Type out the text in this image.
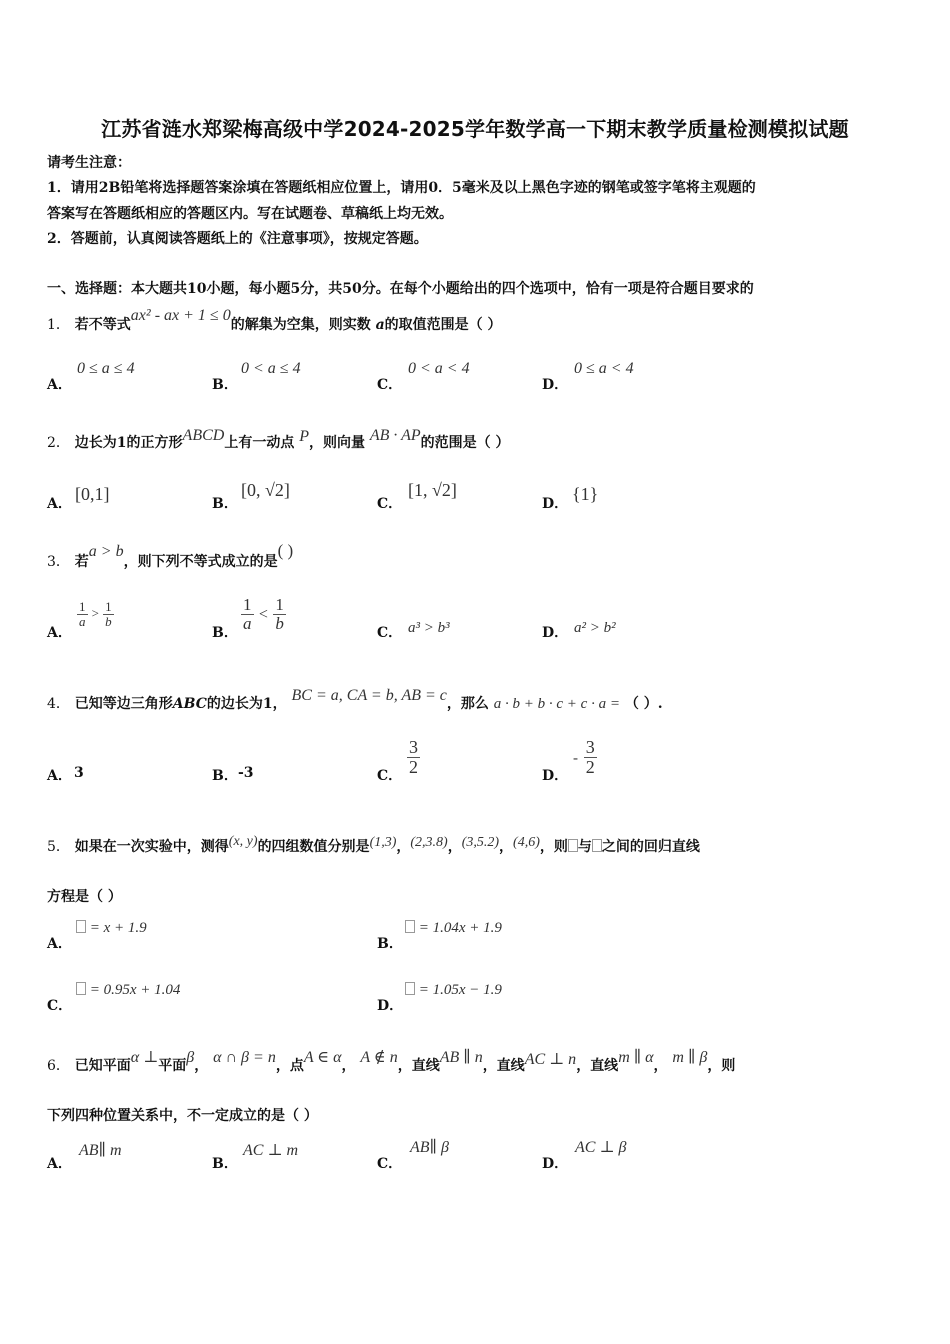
江苏省涟水郑梁梅高级中学2024-2025学年数学高一下期末教学质量检测模拟试题
请考生注意：
1．请用2B铅笔将选择题答案涂填在答题纸相应位置上，请用0．5毫米及以上黑色字迹的钢笔或签字笔将主观题的
答案写在答题纸相应的答题区内。写在试题卷、草稿纸上均无效。
2．答题前，认真阅读答题纸上的《注意事项》，按规定答题。
一、选择题：本大题共10小题，每小题5分，共50分。在每个小题给出的四个选项中，恰有一项是符合题目要求的
1． 若不等式ax² - ax + 1 ≤ 0的解集为空集，则实数 a的取值范围是（ ）
A．
0 ≤ a ≤ 4
B．
0 < a ≤ 4
C．
0 < a < 4
D．
0 ≤ a < 4
2． 边长为1的正方形ABCD上有一动点 P，则向量 AB · AP的范围是（ ）
A． [0,1]	B．
[0, √2]
C．
[1, √2]
D． {1}
3． 若a > b，则下列不等式成立的是( )
A．
$\frac{1}{a} > \frac{1}{b}$
B．
$\frac{1}{a} < \frac{1}{b}$
C． a³ > b³	D． a² > b²
4． 已知等边三角形ABC的边长为1， BC = a, CA = b, AB = c，那么 a · b + b · c + c · a = （ ）.
A． 3	B． -3	C． $\frac{3}{2}$	D．
- $\frac{3}{2}$
5． 如果在一次实验中，测得(x, y)的四组数值分别是(1,3)，(2,3.8)，(3,5.2)，(4,6)，则 与 之间的回归直线
方程是（ ）
A．
= x + 1.9
B．
= 1.04x + 1.9
C．
= 0.95x + 1.04
D．
= 1.05x − 1.9
6． 已知平面α ⊥平面β， α ∩ β = n，点A ∈ α， A ∉ n，直线AB ∥ n，直线AC ⊥ n，直线m ∥ α， m ∥ β，则
下列四种位置关系中，不一定成立的是（ ）
A．
AB∥ m
B．
AC ⊥ m
C．
AB∥ β
D．
AC ⊥ β
